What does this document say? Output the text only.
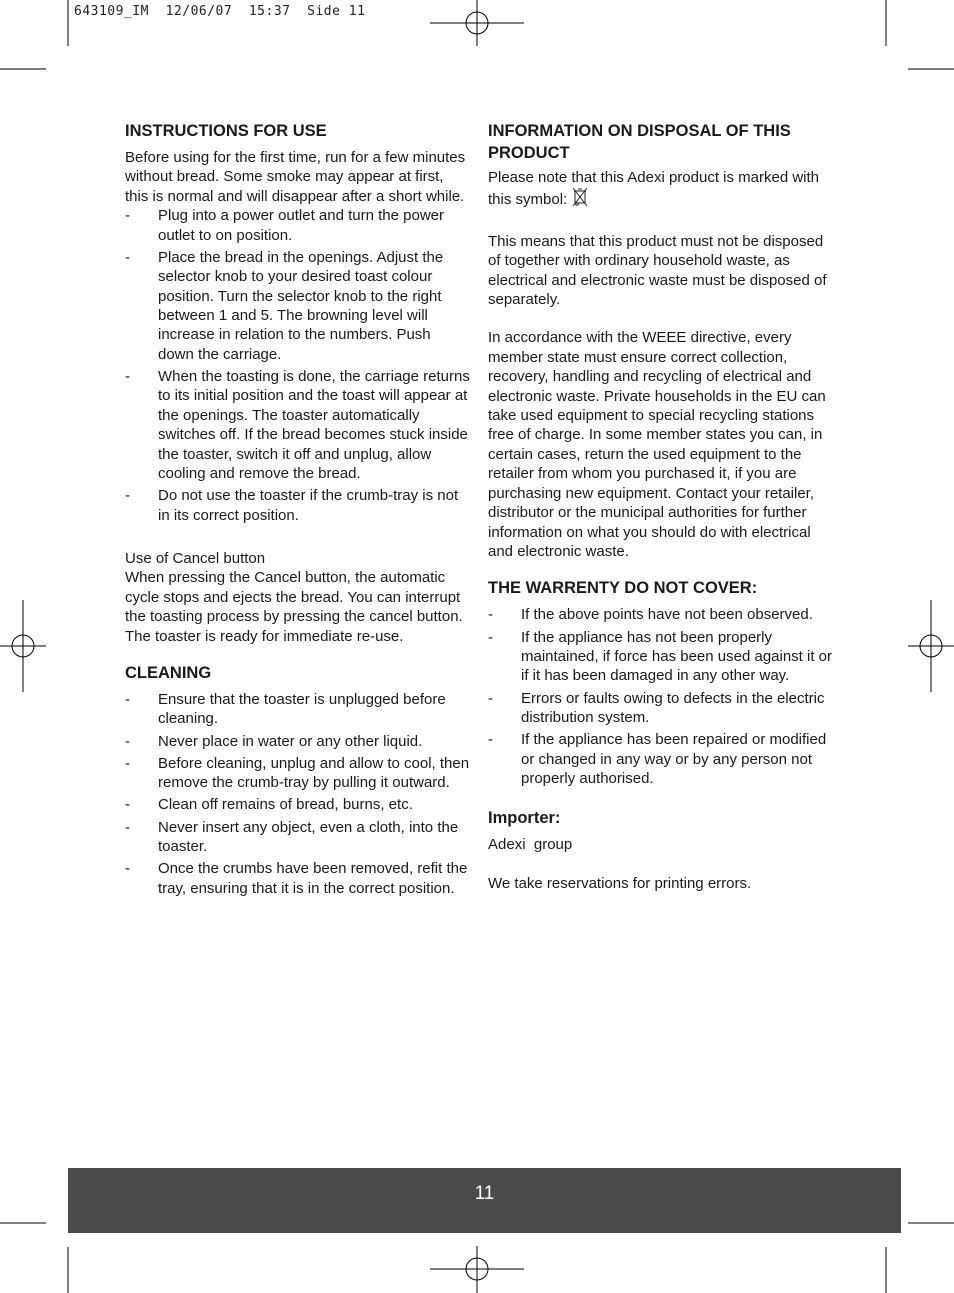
643109_IM  12/06/07  15:37  Side 11
INSTRUCTIONS FOR USE

Before using for the first time, run for a few minutes without bread. Some smoke may appear at first, this is normal and will disappear after a short while.

- Plug into a power outlet and turn the power outlet to on position.
- Place the bread in the openings. Adjust the selector knob to your desired toast colour position. Turn the selector knob to the right between 1 and 5. The browning level will increase in relation to the numbers. Push down the carriage.
- When the toasting is done, the carriage returns to its initial position and the toast will appear at the openings. The toaster automatically switches off. If the bread becomes stuck inside the toaster, switch it off and unplug, allow cooling and remove the bread.
- Do not use the toaster if the crumb-tray is not in its correct position.
Use of Cancel button

When pressing the Cancel button, the automatic cycle stops and ejects the bread. You can interrupt the toasting process by pressing the cancel button. The toaster is ready for immediate re-use.

CLEANING
- Ensure that the toaster is unplugged before cleaning.
- Never place in water or any other liquid.
- Before cleaning, unplug and allow to cool, then remove the crumb-tray by pulling it outward.
- Clean off remains of bread, burns, etc.
- Never insert any object, even a cloth, into the toaster.
- Once the crumbs have been removed, refit the tray, ensuring that it is in the correct position.
INFORMATION ON DISPOSAL OF THIS PRODUCT

Please note that this Adexi product is marked with this symbol:

This means that this product must not be disposed of together with ordinary household waste, as electrical and electronic waste must be disposed of separately.

In accordance with the WEEE directive, every member state must ensure correct collection, recovery, handling and recycling of electrical and electronic waste. Private households in the EU can take used equipment to special recycling stations free of charge. In some member states you can, in certain cases, return the used equipment to the retailer from whom you purchased it, if you are purchasing new equipment. Contact your retailer, distributor or the municipal authorities for further information on what you should do with electrical and electronic waste.

THE WARRENTY DO NOT COVER:
- If the above points have not been observed.
- If the appliance has not been properly maintained, if force has been used against it or if it has been damaged in any other way.
- Errors or faults owing to defects in the electric distribution system.
- If the appliance has been repaired or modified or changed in any way or by any person not properly authorised.
Importer:

Adexi  group

We take reservations for printing errors.

11
